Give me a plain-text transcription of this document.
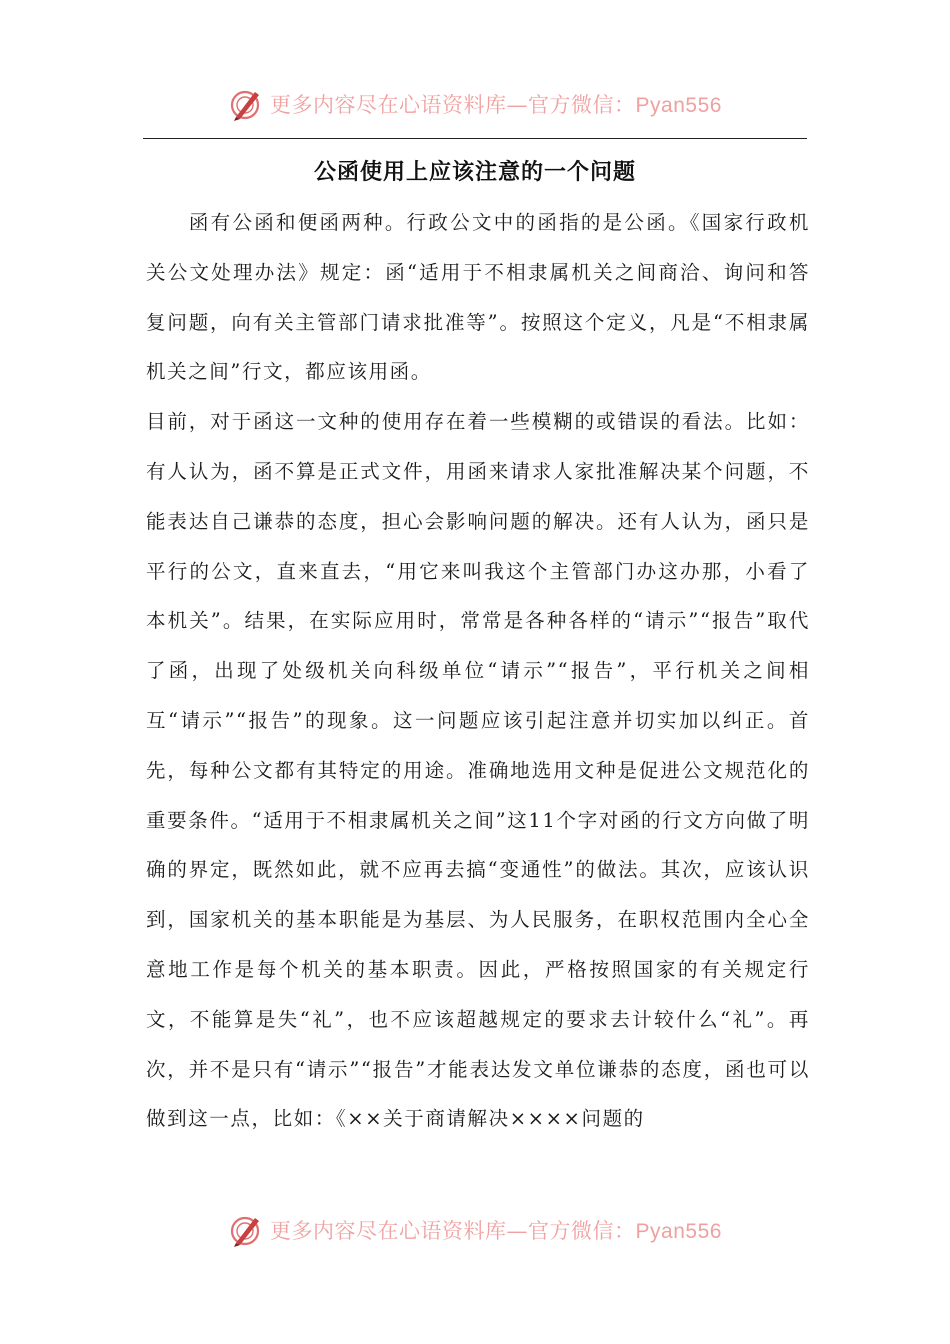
更多内容尽在心语资料库—官方微信：Pyan556
公函使用上应该注意的一个问题

函有公函和便函两种。行政公文中的函指的是公函。《国家行政机关公文处理办法》规定：函“适用于不相隶属机关之间商洽、询问和答复问题，向有关主管部门请求批准等”。按照这个定义，凡是“不相隶属机关之间”行文，都应该用函。

目前，对于函这一文种的使用存在着一些模糊的或错误的看法。比如：有人认为，函不算是正式文件，用函来请求人家批准解决某个问题，不能表达自己谦恭的态度，担心会影响问题的解决。还有人认为，函只是平行的公文，直来直去，“用它来叫我这个主管部门办这办那，小看了本机关”。结果，在实际应用时，常常是各种各样的“请示”“报告”取代了函，出现了处级机关向科级单位“请示”“报告”，平行机关之间相互“请示”“报告”的现象。这一问题应该引起注意并切实加以纠正。首先，每种公文都有其特定的用途。准确地选用文种是促进公文规范化的重要条件。“适用于不相隶属机关之间”这11个字对函的行文方向做了明确的界定，既然如此，就不应再去搞“变通性”的做法。其次，应该认识到，国家机关的基本职能是为基层、为人民服务，在职权范围内全心全意地工作是每个机关的基本职责。因此，严格按照国家的有关规定行文，不能算是失“礼”，也不应该超越规定的要求去计较什么“礼”。再次，并不是只有“请示”“报告”才能表达发文单位谦恭的态度，函也可以做到这一点，比如：《××关于商请解决××××问题的

更多内容尽在心语资料库—官方微信：Pyan556
